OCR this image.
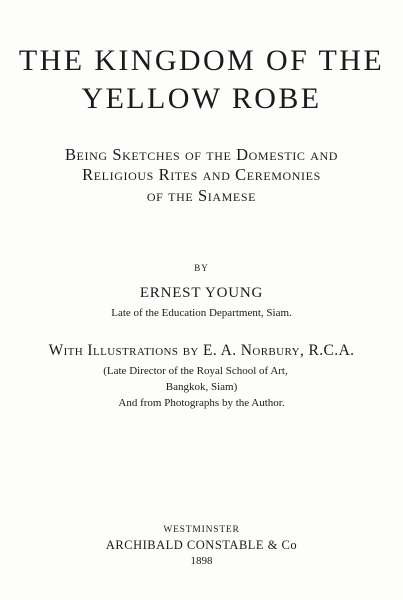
THE KINGDOM OF THE
YELLOW ROBE
Being Sketches of the Domestic and
Religious Rites and Ceremonies
of the Siamese
BY
ERNEST YOUNG
Late of the Education Department, Siam.
With Illustrations by E. A. Norbury, R.C.A.
(Late Director of the Royal School of Art,
Bangkok, Siam)
And from Photographs by the Author.
WESTMINSTER
ARCHIBALD CONSTABLE & Co
1898
